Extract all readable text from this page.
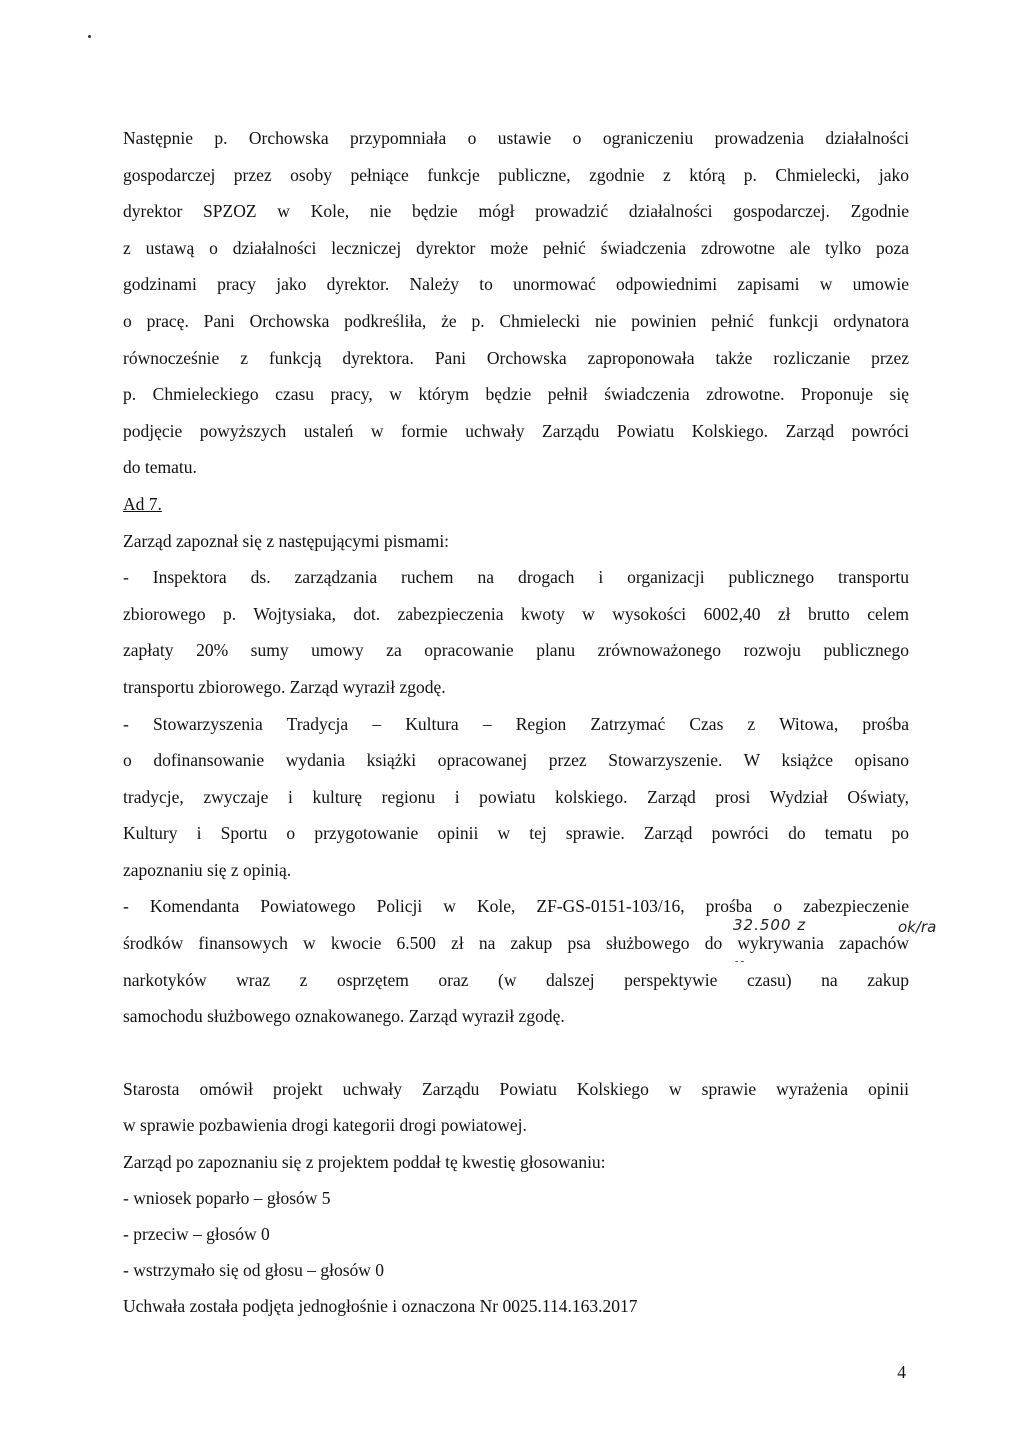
Następnie p. Orchowska przypomniała o ustawie o ograniczeniu prowadzenia działalności
gospodarczej przez osoby pełniące funkcje publiczne, zgodnie z którą p. Chmielecki, jako
dyrektor SPZOZ w Kole, nie będzie mógł prowadzić działalności gospodarczej. Zgodnie
z ustawą o działalności leczniczej dyrektor może pełnić świadczenia zdrowotne ale tylko poza
godzinami pracy jako dyrektor. Należy to unormować odpowiednimi zapisami w umowie
o pracę. Pani Orchowska podkreśliła, że p. Chmielecki nie powinien pełnić funkcji ordynatora
równocześnie z funkcją dyrektora. Pani Orchowska zaproponowała także rozliczanie przez
p. Chmieleckiego czasu pracy, w którym będzie pełnił świadczenia zdrowotne. Proponuje się
podjęcie powyższych ustaleń w formie uchwały Zarządu Powiatu Kolskiego. Zarząd powróci
do tematu.
Ad 7.
Zarząd zapoznał się z następującymi pismami:
- Inspektora ds. zarządzania ruchem na drogach i organizacji publicznego transportu
zbiorowego p. Wojtysiaka, dot. zabezpieczenia kwoty w wysokości 6002,40 zł brutto celem
zapłaty 20% sumy umowy za opracowanie planu zrównoważonego rozwoju publicznego
transportu zbiorowego. Zarząd wyraził zgodę.
- Stowarzyszenia Tradycja – Kultura – Region Zatrzymać Czas z Witowa, prośba
o dofinansowanie wydania książki opracowanej przez Stowarzyszenie. W książce opisano
tradycje, zwyczaje i kulturę regionu i powiatu kolskiego. Zarząd prosi Wydział Oświaty,
Kultury i Sportu o przygotowanie opinii w tej sprawie. Zarząd powróci do tematu po
zapoznaniu się z opinią.
- Komendanta Powiatowego Policji w Kole, ZF-GS-0151-103/16, prośba o zabezpieczenie
środków finansowych w kwocie 6.500 zł na zakup psa służbowego do wykrywania zapachów
narkotyków wraz z osprzętem oraz (w dalszej perspektywie czasu) na zakup
samochodu służbowego oznakowanego. Zarząd wyraził zgodę.
Starosta omówił projekt uchwały Zarządu Powiatu Kolskiego w sprawie wyrażenia opinii
w sprawie pozbawienia drogi kategorii drogi powiatowej.
Zarząd po zapoznaniu się z projektem poddał tę kwestię głosowaniu:
- wniosek poparło – głosów 5
- przeciw – głosów 0
- wstrzymało się od głosu – głosów 0
Uchwała została podjęta jednogłośnie i oznaczona Nr 0025.114.163.2017
32.500 z	ok/ra
- -
4
